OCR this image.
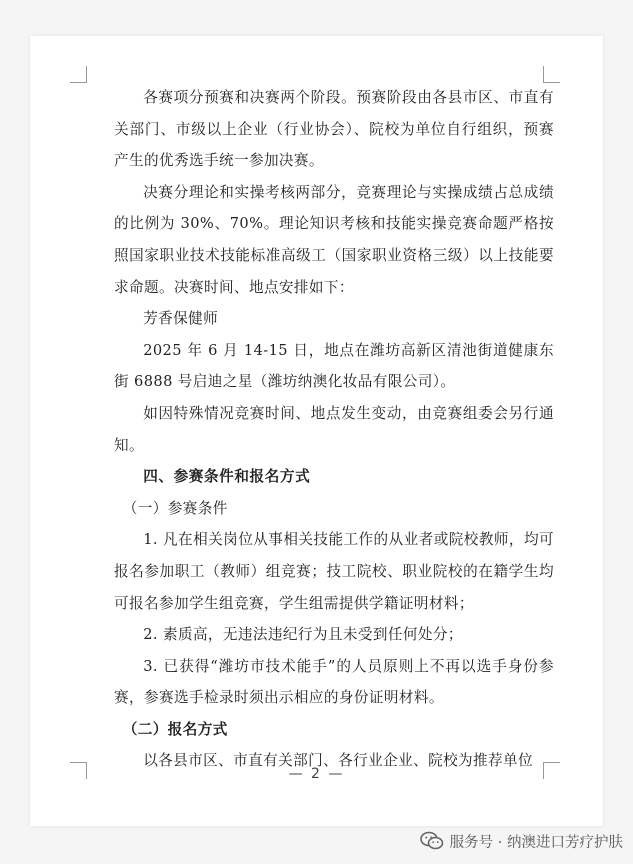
各赛项分预赛和决赛两个阶段。预赛阶段由各县市区、市直有关部门、市级以上企业（行业协会）、院校为单位自行组织，预赛产生的优秀选手统一参加决赛。

决赛分理论和实操考核两部分，竞赛理论与实操成绩占总成绩的比例为 30%、70%。理论知识考核和技能实操竞赛命题严格按照国家职业技术技能标准高级工（国家职业资格三级）以上技能要求命题。决赛时间、地点安排如下：

芳香保健师

2025 年 6 月 14-15 日，地点在潍坊高新区清池街道健康东街 6888 号启迪之星（潍坊纳澳化妆品有限公司）。

如因特殊情况竞赛时间、地点发生变动，由竞赛组委会另行通知。

四、参赛条件和报名方式

（一）参赛条件

1. 凡在相关岗位从事相关技能工作的从业者或院校教师，均可报名参加职工（教师）组竞赛；技工院校、职业院校的在籍学生均可报名参加学生组竞赛，学生组需提供学籍证明材料；

2. 素质高，无违法违纪行为且未受到任何处分；

3. 已获得“潍坊市技术能手”的人员原则上不再以选手身份参赛，参赛选手检录时须出示相应的身份证明材料。

（二）报名方式

以各县市区、市直有关部门、各行业企业、院校为推荐单位

— 2 —
服务号 · 纳澳进口芳疗护肤
